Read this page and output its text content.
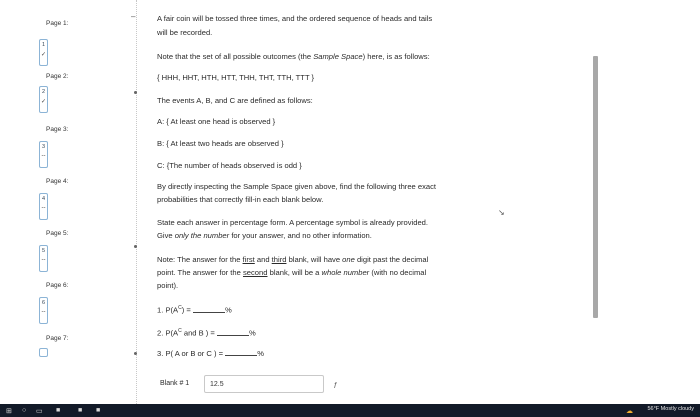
Page 1:
1
✓
Page 2:
2
✓
Page 3:
3
--
Page 4:
4
--
Page 5:
5
--
Page 6:
6
--
Page 7:
–	A fair coin will be tossed three times, and the ordered sequence of heads and tails
will be recorded.
Note that the set of all possible outcomes (the Sample Space) here, is as follows:
{ HHH, HHT, HTH, HTT, THH, THT, TTH, TTT }
The events A, B, and C are defined as follows:
A: { At least one head is observed }
B: { At least two heads are observed }
C: {The number of heads observed is odd }
By directly inspecting the Sample Space given above, find the following three exact
probabilities that correctly fill-in each blank below.
State each answer in percentage form. A percentage symbol is already provided.
Give only the number for your answer, and no other information.
Note: The answer for the first and third blank, will have one digit past the decimal
point. The answer for the second blank, will be a whole number (with no decimal
point).
1. $P(A^C)$ =	%
2. $P(A^C$ and B ) =	%
3. P( A or B or C ) =	%
Blank # 1
12.5	𝑓
↘
⊞ ○ ▭ ■	■ ■	☁	56°F Mostly cloudy
